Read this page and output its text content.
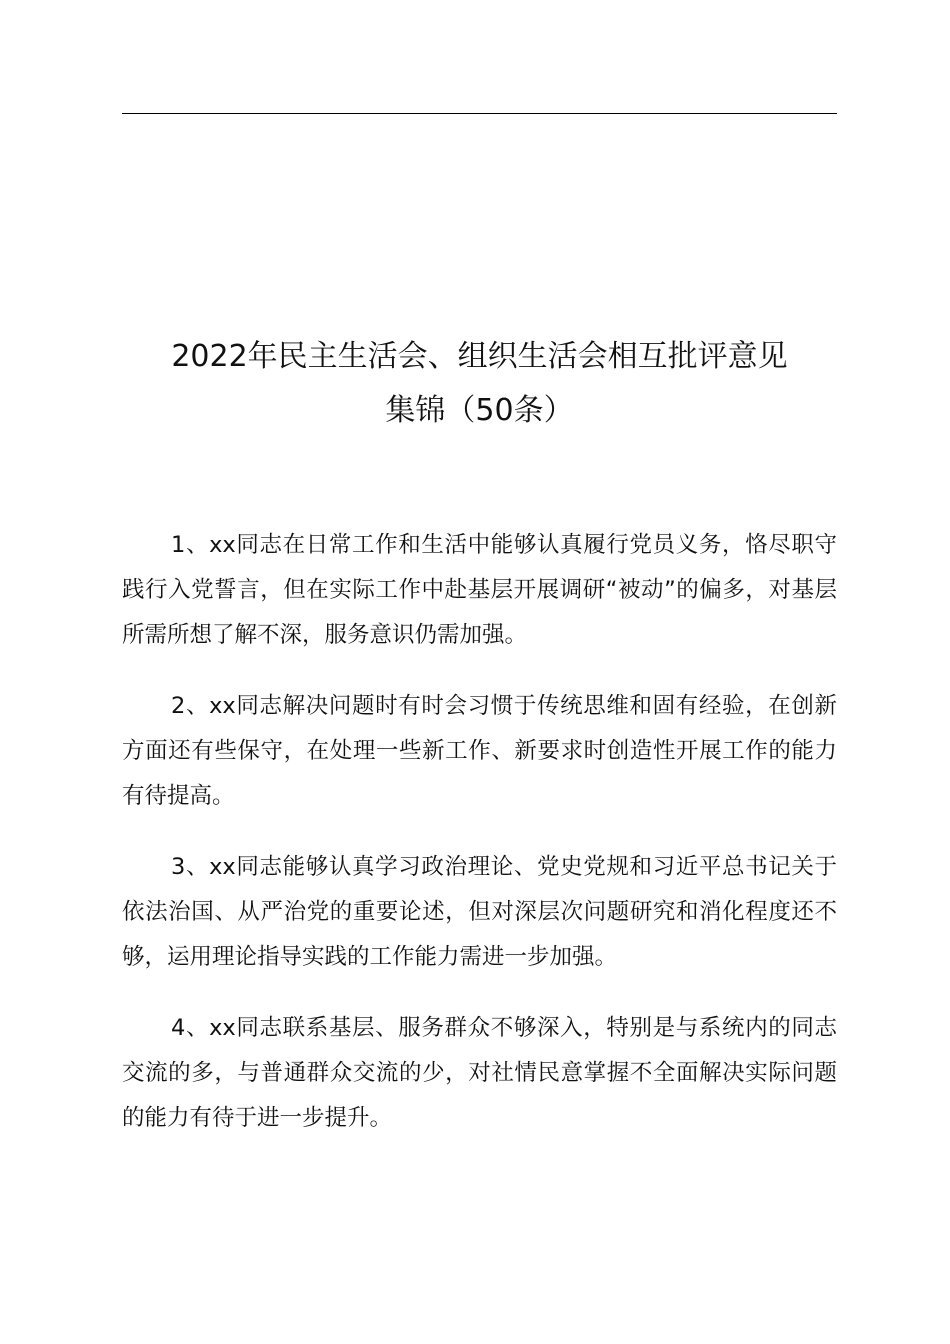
2022年民主生活会、组织生活会相互批评意见
集锦（50条）

1、xx同志在日常工作和生活中能够认真履行党员义务，恪尽职守践行入党誓言，但在实际工作中赴基层开展调研“被动”的偏多，对基层所需所想了解不深，服务意识仍需加强。

2、xx同志解决问题时有时会习惯于传统思维和固有经验，在创新方面还有些保守，在处理一些新工作、新要求时创造性开展工作的能力有待提高。

3、xx同志能够认真学习政治理论、党史党规和习近平总书记关于依法治国、从严治党的重要论述，但对深层次问题研究和消化程度还不够，运用理论指导实践的工作能力需进一步加强。

4、xx同志联系基层、服务群众不够深入，特别是与系统内的同志交流的多，与普通群众交流的少，对社情民意掌握不全面解决实际问题的能力有待于进一步提升。
